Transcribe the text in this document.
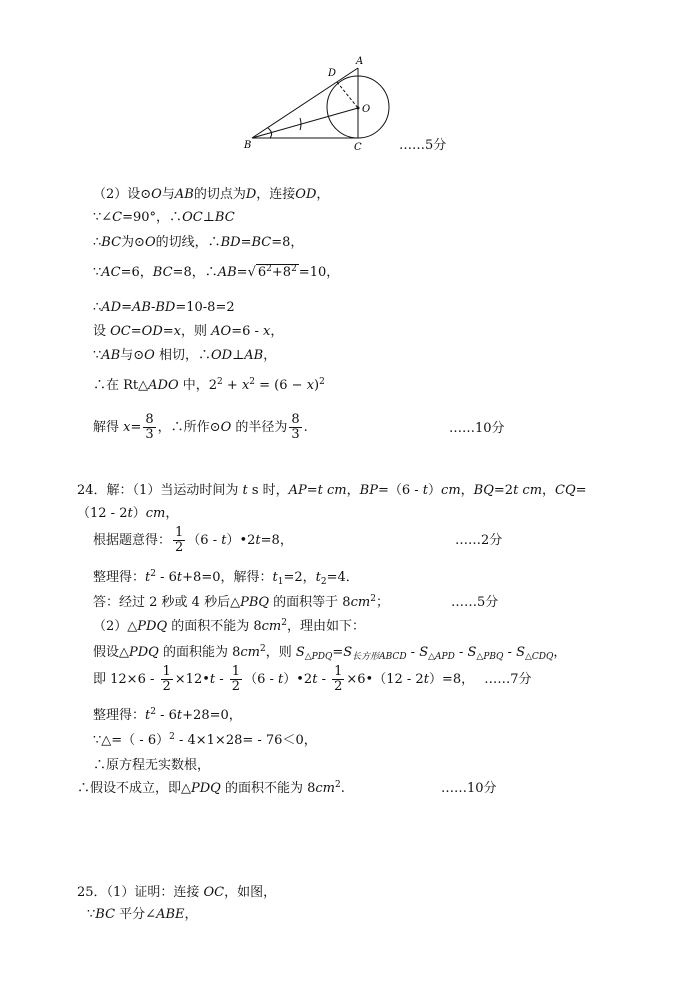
A
D
O
B	C	……5分
（2）设⊙O与AB的切点为D，连接OD，
∵∠C=90°，∴OC⊥BC
∴BC为⊙O的切线，∴BD=BC=8，
∵AC=6，BC=8，∴AB=√ $6^2+8^2 =10$，
∴AD=AB-BD=10-8=2
设 OC=OD=x，则 AO=6 - x，
∵AB与⊙O 相切，∴OD⊥AB，
∴在 Rt△ADO 中，$2^2 + x^2 = (6 - x)^2$
解得 $x= \frac{8}{3}$ ，∴所作⊙O 的半径为 $\frac{8}{3}$ .	……10分
24．解：（1）当运动时间为 t s 时，AP=t cm，BP=（6 - t）cm，BQ=2t cm，CQ=
（12 - 2t）cm，
根据题意得： $\frac{1}{2} (6$ - t）•2t=8，	……2分
整理得：$t^2 - 6t+8=0$，解得：$t_1=2$，$t_2=4$．
答：经过 2 秒或 4 秒后△PBQ 的面积等于 $8cm^2$；	……5分
（2）△PDQ 的面积不能为 $8cm^2$，理由如下：
假设△PDQ 的面积能为 $8cm^2$，则 $S_{\triangle PDQ}=S_{长方形ABCD} - S_{\triangle APD} - S_{\triangle PBQ} - S_{\triangle CDQ}$，
即 $12\times 6 - \frac{1}{2}$ ×12•t - $\frac{1}{2} (6$ - t）•2t - $\frac{1}{2}$ ×6•（12 - 2t）=8， ……7分
整理得：$t^2 - 6t+28=0$，
∵△=（ - 6）$^2$ - 4×1×28= - 76＜0，
∴原方程无实数根，
∴假设不成立，即△PDQ 的面积不能为 $8cm^2$.	……10分
25．（1）证明：连接 OC，如图，
∵BC 平分∠ABE，
